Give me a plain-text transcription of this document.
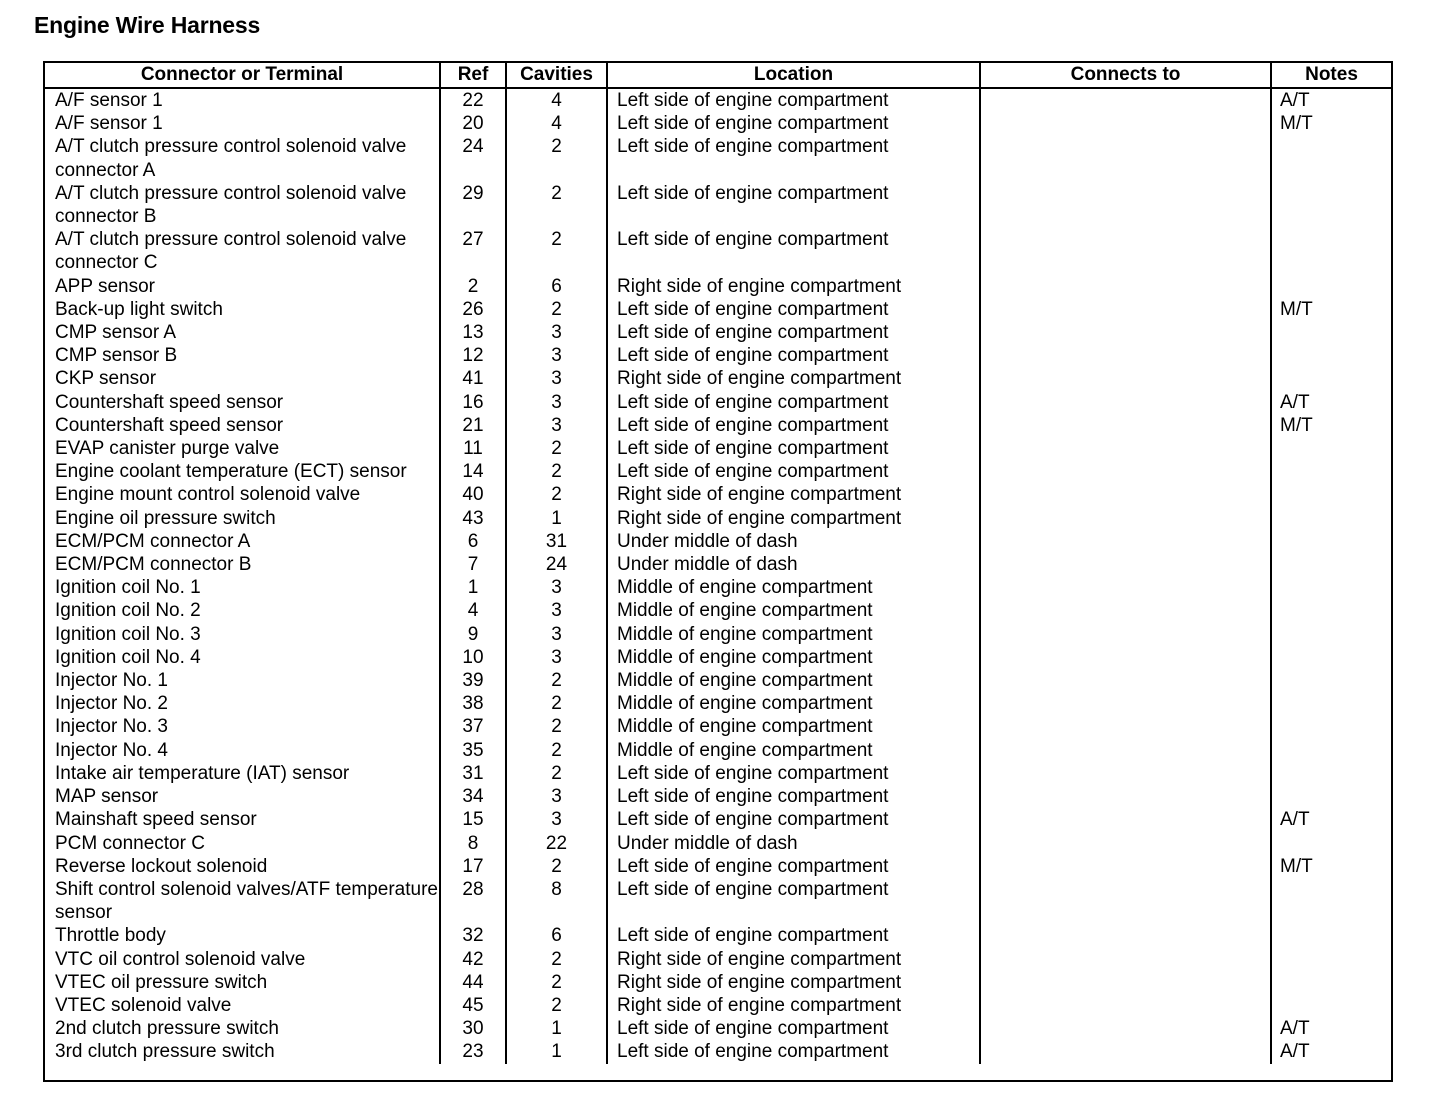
Engine Wire Harness
Connector or Terminal	Ref	Cavities	Location	Connects to	Notes
A/F sensor 1	22	4	Left side of engine compartment		A/T
A/F sensor 1	20	4	Left side of engine compartment		M/T
A/T clutch pressure control solenoid valve connector A	24	2	Left side of engine compartment		
A/T clutch pressure control solenoid valve connector B	29	2	Left side of engine compartment		
A/T clutch pressure control solenoid valve connector C	27	2	Left side of engine compartment		
APP sensor	2	6	Right side of engine compartment		
Back-up light switch	26	2	Left side of engine compartment		M/T
CMP sensor A	13	3	Left side of engine compartment		
CMP sensor B	12	3	Left side of engine compartment		
CKP sensor	41	3	Right side of engine compartment		
Countershaft speed sensor	16	3	Left side of engine compartment		A/T
Countershaft speed sensor	21	3	Left side of engine compartment		M/T
EVAP canister purge valve	11	2	Left side of engine compartment		
Engine coolant temperature (ECT) sensor	14	2	Left side of engine compartment		
Engine mount control solenoid valve	40	2	Right side of engine compartment		
Engine oil pressure switch	43	1	Right side of engine compartment		
ECM/PCM connector A	6	31	Under middle of dash		
ECM/PCM connector B	7	24	Under middle of dash		
Ignition coil No. 1	1	3	Middle of engine compartment		
Ignition coil No. 2	4	3	Middle of engine compartment		
Ignition coil No. 3	9	3	Middle of engine compartment		
Ignition coil No. 4	10	3	Middle of engine compartment		
Injector No. 1	39	2	Middle of engine compartment		
Injector No. 2	38	2	Middle of engine compartment		
Injector No. 3	37	2	Middle of engine compartment		
Injector No. 4	35	2	Middle of engine compartment		
Intake air temperature (IAT) sensor	31	2	Left side of engine compartment		
MAP sensor	34	3	Left side of engine compartment		
Mainshaft speed sensor	15	3	Left side of engine compartment		A/T
PCM connector C	8	22	Under middle of dash		
Reverse lockout solenoid	17	2	Left side of engine compartment		M/T
Shift control solenoid valves/ATF temperature sensor	28	8	Left side of engine compartment		
Throttle body	32	6	Left side of engine compartment		
VTC oil control solenoid valve	42	2	Right side of engine compartment		
VTEC oil pressure switch	44	2	Right side of engine compartment		
VTEC solenoid valve	45	2	Right side of engine compartment		
2nd clutch pressure switch	30	1	Left side of engine compartment		A/T
3rd clutch pressure switch	23	1	Left side of engine compartment		A/T
